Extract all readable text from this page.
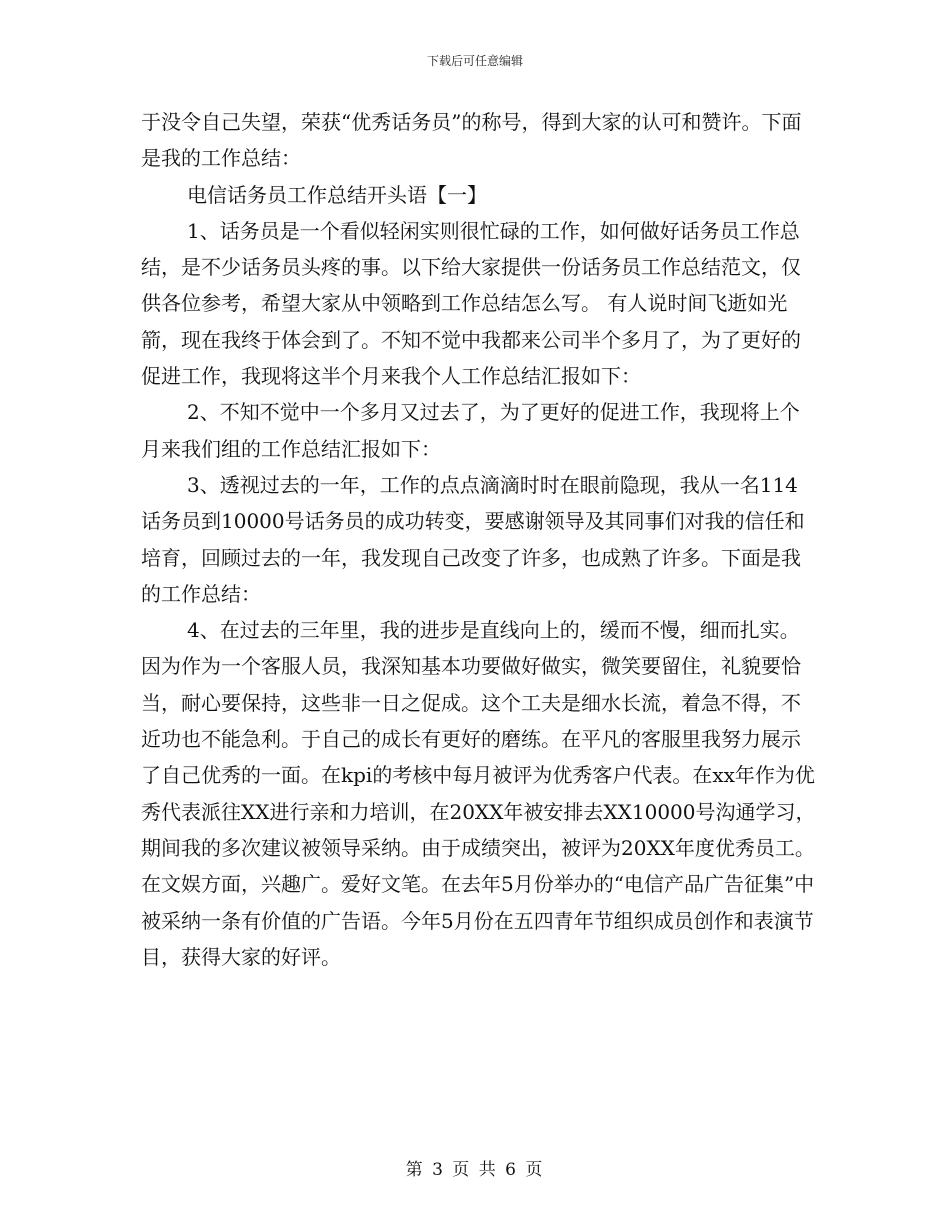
下载后可任意编辑

于没令自己失望，荣获“优秀话务员”的称号，得到大家的认可和赞许。下面是我的工作总结：

电信话务员工作总结开头语【一】

1、话务员是一个看似轻闲实则很忙碌的工作，如何做好话务员工作总结，是不少话务员头疼的事。以下给大家提供一份话务员工作总结范文，仅供各位参考，希望大家从中领略到工作总结怎么写。 有人说时间飞逝如光箭，现在我终于体会到了。不知不觉中我都来公司半个多月了，为了更好的促进工作，我现将这半个月来我个人工作总结汇报如下：

2、不知不觉中一个多月又过去了，为了更好的促进工作，我现将上个月来我们组的工作总结汇报如下：

3、透视过去的一年，工作的点点滴滴时时在眼前隐现，我从一名114话务员到10000号话务员的成功转变，要感谢领导及其同事们对我的信任和培育，回顾过去的一年，我发现自己改变了许多，也成熟了许多。下面是我的工作总结：

4、在过去的三年里，我的进步是直线向上的，缓而不慢，细而扎实。因为作为一个客服人员，我深知基本功要做好做实，微笑要留住，礼貌要恰当，耐心要保持，这些非一日之促成。这个工夫是细水长流，着急不得，不近功也不能急利。于自己的成长有更好的磨练。在平凡的客服里我努力展示了自己优秀的一面。在kpi的考核中每月被评为优秀客户代表。在xx年作为优秀代表派往XX进行亲和力培训，在20XX年被安排去XX10000号沟通学习，期间我的多次建议被领导采纳。由于成绩突出，被评为20XX年度优秀员工。在文娱方面，兴趣广。爱好文笔。在去年5月份举办的“电信产品广告征集”中被采纳一条有价值的广告语。今年5月份在五四青年节组织成员创作和表演节目，获得大家的好评。

第 3 页 共 6 页
